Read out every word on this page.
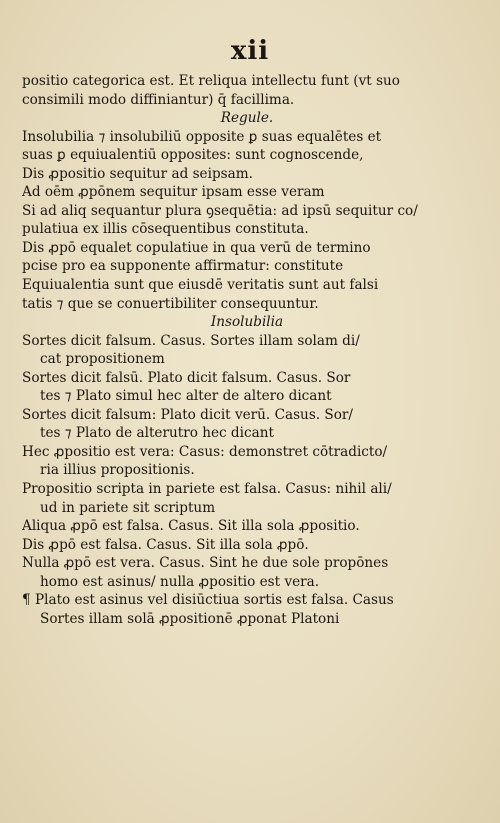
xii
positio categorica est. Et reliqua intellectu funt (vt suo
consimili modo diffiniantur) q̄ facillima.
Regule.
Insolubilia ⁊ insolubiliū opposite ꝑ suas equalētes et
suas ꝑ equiualentiū opposites: sunt cognoscende,
Dis ꝓpositio sequitur ad seipsam.
Ad oēm ꝓpōnem sequitur ipsam esse veram
Si ad aliq sequantur plura ꝯsequētia: ad ipsū sequitur co/
pulatiua ex illis cōsequentibus constituta.
Dis ꝓpō equalet copulatiue in qua verū de termino
pcise pro ea supponente affirmatur: constitute
Equiualentia sunt que eiusdē veritatis sunt aut falsi
tatis ⁊ que se conuertibiliter consequuntur.
Insolubilia
Sortes dicit falsum. Casus. Sortes illam solam di/
cat propositionem
Sortes dicit falsū. Plato dicit falsum. Casus. Sor
tes ⁊ Plato simul hec alter de altero dicant
Sortes dicit falsum: Plato dicit verū. Casus. Sor/
tes ⁊ Plato de alterutro hec dicant
Hec ꝓpositio est vera: Casus: demonstret cōtradicto/
ria illius propositionis.
Propositio scripta in pariete est falsa. Casus: nihil ali/
ud in pariete sit scriptum
Aliqua ꝓpō est falsa. Casus. Sit illa sola ꝓpositio.
Dis ꝓpō est falsa. Casus. Sit illa sola ꝓpō.
Nulla ꝓpō est vera. Casus. Sint he due sole propōnes
homo est asinus/ nulla ꝓpositio est vera.
¶ Plato est asinus vel disiūctiua sortis est falsa. Casus
Sortes illam solā ꝓpositionē ꝓponat Platoni
